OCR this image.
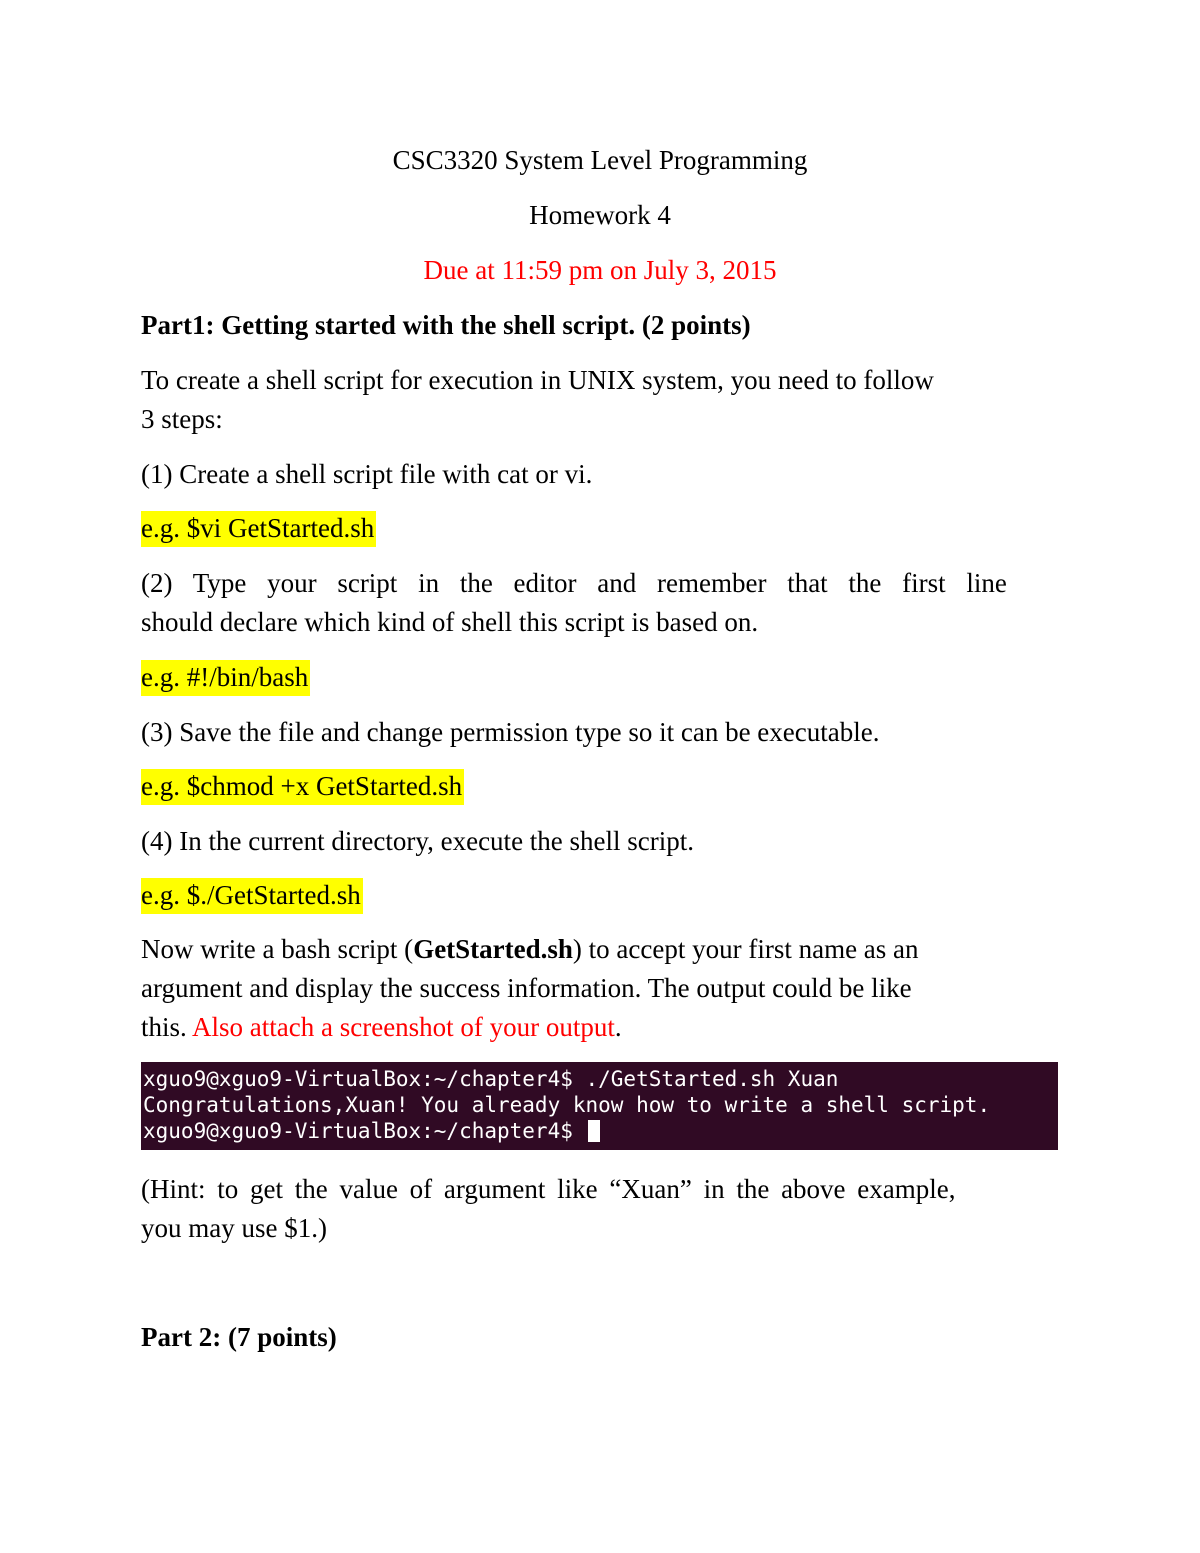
CSC3320 System Level Programming
Homework 4
Due at 11:59 pm on July 3, 2015
Part1: Getting started with the shell script. (2 points)
To create a shell script for execution in UNIX system, you need to follow
3 steps:
(1) Create a shell script file with cat or vi.
e.g. $vi GetStarted.sh
(2) Type your script in the editor and remember that the first line
should declare which kind of shell this script is based on.
e.g. #!/bin/bash
(3) Save the file and change permission type so it can be executable.
e.g. $chmod +x GetStarted.sh
(4) In the current directory, execute the shell script.
e.g. $./GetStarted.sh
Now write a bash script (GetStarted.sh) to accept your first name as an
argument and display the success information. The output could be like
this. Also attach a screenshot of your output.
xguo9@xguo9-VirtualBox:~/chapter4$ ./GetStarted.sh Xuan
Congratulations,Xuan! You already know how to write a shell script.
xguo9@xguo9-VirtualBox:~/chapter4$
(Hint: to get the value of argument like “Xuan” in the above example,
you may use $1.)
Part 2: (7 points)
